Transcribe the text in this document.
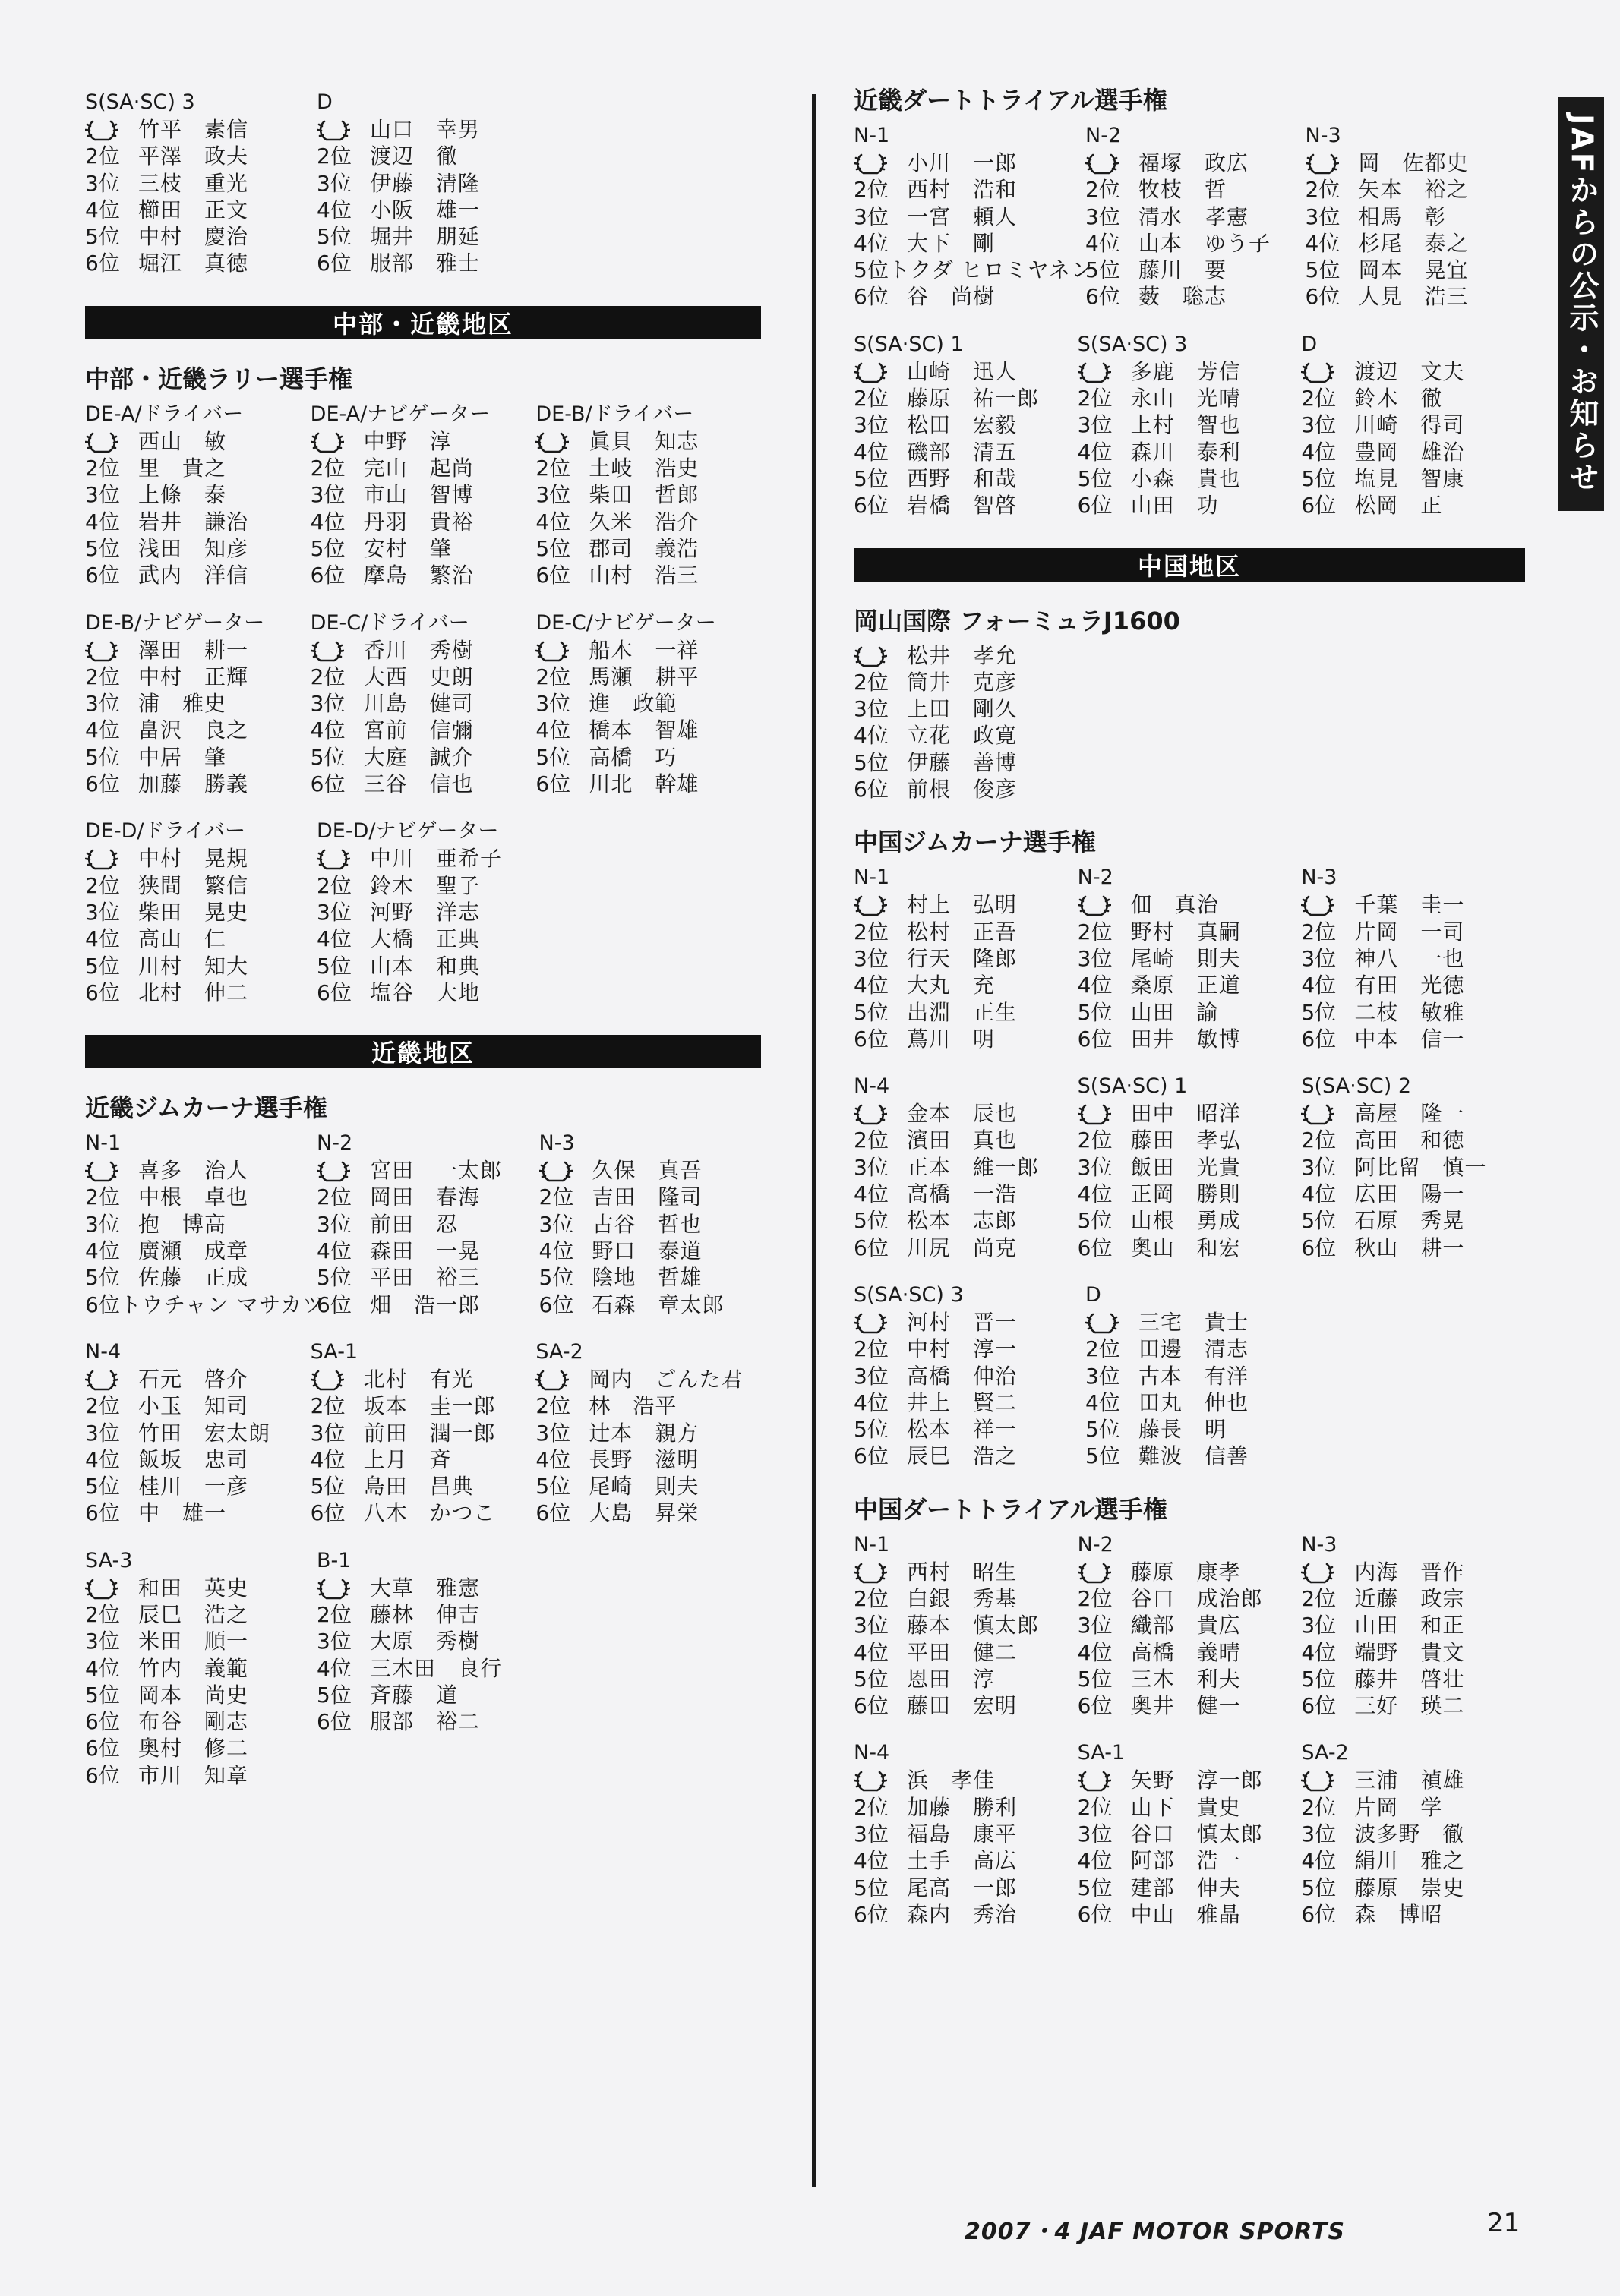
S(SA·SC) 3
竹平　素信
2位 平澤　政夫
3位 三枝　重光
4位 櫛田　正文
5位 中村　慶治
6位 堀江　真徳
D
山口　幸男
2位 渡辺　徹
3位 伊藤　清隆
4位 小阪　雄一
5位 堀井　朋延
6位 服部　雅士
中部・近畿地区
中部・近畿ラリー選手権
DE-A/ドライバー
西山　敏
2位 里　貴之
3位 上條　泰
4位 岩井　謙治
5位 浅田　知彦
6位 武内　洋信
DE-A/ナビゲーター
中野　淳
2位 完山　起尚
3位 市山　智博
4位 丹羽　貴裕
5位 安村　肇
6位 摩島　繁治
DE-B/ドライバー
眞貝　知志
2位 土岐　浩史
3位 柴田　哲郎
4位 久米　浩介
5位 郡司　義浩
6位 山村　浩三
DE-B/ナビゲーター
澤田　耕一
2位 中村　正輝
3位 浦　雅史
4位 畠沢　良之
5位 中居　肇
6位 加藤　勝義
DE-C/ドライバー
香川　秀樹
2位 大西　史朗
3位 川島　健司
4位 宮前　信彌
5位 大庭　誠介
6位 三谷　信也
DE-C/ナビゲーター
船木　一祥
2位 馬瀬　耕平
3位 進　政範
4位 橋本　智雄
5位 高橋　巧
6位 川北　幹雄
DE-D/ドライバー
中村　晃規
2位 狭間　繁信
3位 柴田　晃史
4位 高山　仁
5位 川村　知大
6位 北村　伸二
DE-D/ナビゲーター
中川　亜希子
2位 鈴木　聖子
3位 河野　洋志
4位 大橋　正典
5位 山本　和典
6位 塩谷　大地
近畿地区
近畿ジムカーナ選手権
N-1
喜多　治人
2位 中根　卓也
3位 抱　博高
4位 廣瀬　成章
5位 佐藤　正成
6位 トウチャン マサカツ
N-2
宮田　一太郎
2位 岡田　春海
3位 前田　忍
4位 森田　一晃
5位 平田　裕三
6位 畑　浩一郎
N-3
久保　真吾
2位 吉田　隆司
3位 古谷　哲也
4位 野口　泰道
5位 陰地　哲雄
6位 石森　章太郎
N-4
石元　啓介
2位 小玉　知司
3位 竹田　宏太朗
4位 飯坂　忠司
5位 桂川　一彦
6位 中　雄一
SA-1
北村　有光
2位 坂本　圭一郎
3位 前田　潤一郎
4位 上月　斉
5位 島田　昌典
6位 八木　かつこ
SA-2
岡内　ごんた君
2位 林　浩平
3位 辻本　親方
4位 長野　滋明
5位 尾崎　則夫
6位 大島　昇栄
SA-3
和田　英史
2位 辰巳　浩之
3位 米田　順一
4位 竹内　義範
5位 岡本　尚史
6位 布谷　剛志
6位 奥村　修二
6位 市川　知章
B-1
大草　雅憲
2位 藤林　伸吉
3位 大原　秀樹
4位 三木田　良行
5位 斉藤　道
6位 服部　裕二
近畿ダートトライアル選手権
N-1
小川　一郎
2位 西村　浩和
3位 一宮　頼人
4位 大下　剛
5位 トクダ ヒロミヤネン
6位 谷　尚樹
N-2
福塚　政広
2位 牧枝　哲
3位 清水　孝憲
4位 山本　ゆう子
5位 藤川　要
6位 薮　聡志
N-3
岡　佐都史
2位 矢本　裕之
3位 相馬　彰
4位 杉尾　泰之
5位 岡本　晃宜
6位 人見　浩三
S(SA·SC) 1
山崎　迅人
2位 藤原　祐一郎
3位 松田　宏毅
4位 磯部　清五
5位 西野　和哉
6位 岩橋　智啓
S(SA·SC) 3
多鹿　芳信
2位 永山　光晴
3位 上村　智也
4位 森川　泰利
5位 小森　貴也
6位 山田　功
D
渡辺　文夫
2位 鈴木　徹
3位 川崎　得司
4位 豊岡　雄治
5位 塩見　智康
6位 松岡　正
中国地区
岡山国際 フォーミュラJ1600
松井　孝允
2位 筒井　克彦
3位 上田　剛久
4位 立花　政寛
5位 伊藤　善博
6位 前根　俊彦
中国ジムカーナ選手権
N-1
村上　弘明
2位 松村　正吾
3位 行天　隆郎
4位 大丸　充
5位 出淵　正生
6位 蔦川　明
N-2
佃　真治
2位 野村　真嗣
3位 尾崎　則夫
4位 桑原　正道
5位 山田　諭
6位 田井　敏博
N-3
千葉　圭一
2位 片岡　一司
3位 神八　一也
4位 有田　光徳
5位 二枝　敏雅
6位 中本　信一
N-4
金本　辰也
2位 濱田　真也
3位 正本　維一郎
4位 高橋　一浩
5位 松本　志郎
6位 川尻　尚克
S(SA·SC) 1
田中　昭洋
2位 藤田　孝弘
3位 飯田　光貴
4位 正岡　勝則
5位 山根　勇成
6位 奥山　和宏
S(SA·SC) 2
高屋　隆一
2位 高田　和徳
3位 阿比留　慎一
4位 広田　陽一
5位 石原　秀晃
6位 秋山　耕一
S(SA·SC) 3
河村　晋一
2位 中村　淳一
3位 高橋　伸治
4位 井上　賢二
5位 松本　祥一
6位 辰巳　浩之
D
三宅　貴士
2位 田邊　清志
3位 古本　有洋
4位 田丸　伸也
5位 藤長　明
5位 難波　信善
中国ダートトライアル選手権
N-1
西村　昭生
2位 白銀　秀基
3位 藤本　慎太郎
4位 平田　健二
5位 恩田　淳
6位 藤田　宏明
N-2
藤原　康孝
2位 谷口　成治郎
3位 織部　貴広
4位 高橋　義晴
5位 三木　利夫
6位 奥井　健一
N-3
内海　晋作
2位 近藤　政宗
3位 山田　和正
4位 端野　貴文
5位 藤井　啓壮
6位 三好　瑛二
N-4
浜　孝佳
2位 加藤　勝利
3位 福島　康平
4位 土手　高広
5位 尾高　一郎
6位 森内　秀治
SA-1
矢野　淳一郎
2位 山下　貴史
3位 谷口　慎太郎
4位 阿部　浩一
5位 建部　伸夫
6位 中山　雅晶
SA-2
三浦　禎雄
2位 片岡　学
3位 波多野　徹
4位 絹川　雅之
5位 藤原　崇史
6位 森　博昭
JAFからの公示・お知らせ
2007・4 JAF MOTOR SPORTS	21
